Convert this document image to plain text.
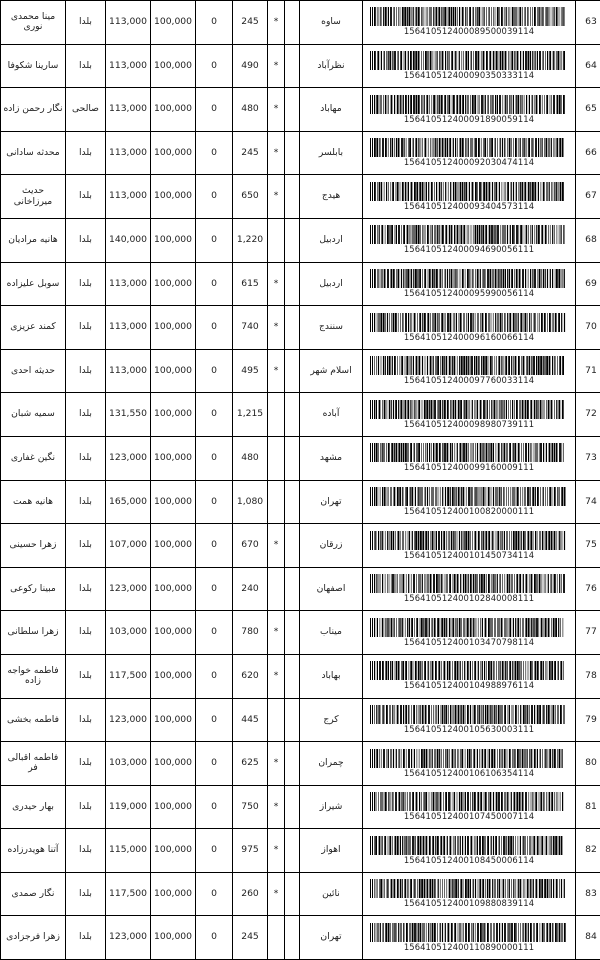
63	156410512400089500039114	ساوه		*	245	0	100,000	113,000	بلدا	مینا محمدی نوری
64	156410512400090350333114	نظرآباد		*	490	0	100,000	113,000	بلدا	سارینا شکوفا
65	156410512400091890059114	مهاباد		*	480	0	100,000	113,000	صالحی	نگار رحمن زاده
66	156410512400092030474114	بابلسر		*	245	0	100,000	113,000	بلدا	محدثه سادانی
67	156410512400093404573114	هیدج		*	650	0	100,000	113,000	بلدا	حدیث میرزاخانی
68	156410512400094690056111	اردبیل			1,220	0	100,000	140,000	بلدا	هانیه مرادیان
69	156410512400095990056114	اردبیل		*	615	0	100,000	113,000	بلدا	سوبل علیزاده
70	156410512400096160066114	سنندج		*	740	0	100,000	113,000	بلدا	کمند عزیزی
71	156410512400097760033114	اسلام شهر		*	495	0	100,000	113,000	بلدا	حدیثه احدی
72	156410512400098980739111	آباده			1,215	0	100,000	131,550	بلدا	سمیه شبان
73	156410512400099160009111	مشهد			480	0	100,000	123,000	بلدا	نگین غفاری
74	156410512400100820000111	تهران			1,080	0	100,000	165,000	بلدا	هانیه همت
75	156410512400101450734114	زرقان		*	670	0	100,000	107,000	بلدا	زهرا حسینی
76	156410512400102840008111	اصفهان			240	0	100,000	123,000	بلدا	مبینا رکوعی
77	156410512400103470798114	میناب		*	780	0	100,000	103,000	بلدا	زهرا سلطانی
78	156410512400104988976114	بهاباد		*	620	0	100,000	117,500	بلدا	فاطمه خواجه زاده
79	156410512400105630003111	کرج			445	0	100,000	123,000	بلدا	فاطمه بخشی
80	156410512400106106354114	چمران		*	625	0	100,000	103,000	بلدا	فاطمه اقبالی فر
81	156410512400107450007114	شیراز		*	750	0	100,000	119,000	بلدا	بهار حیدری
82	156410512400108450006114	اهواز		*	975	0	100,000	115,000	بلدا	آتنا هویدرزاده
83	156410512400109880839114	نائین		*	260	0	100,000	117,500	بلدا	نگار صمدی
84	156410512400110890000111	تهران			245	0	100,000	123,000	بلدا	زهرا فرجزادی
